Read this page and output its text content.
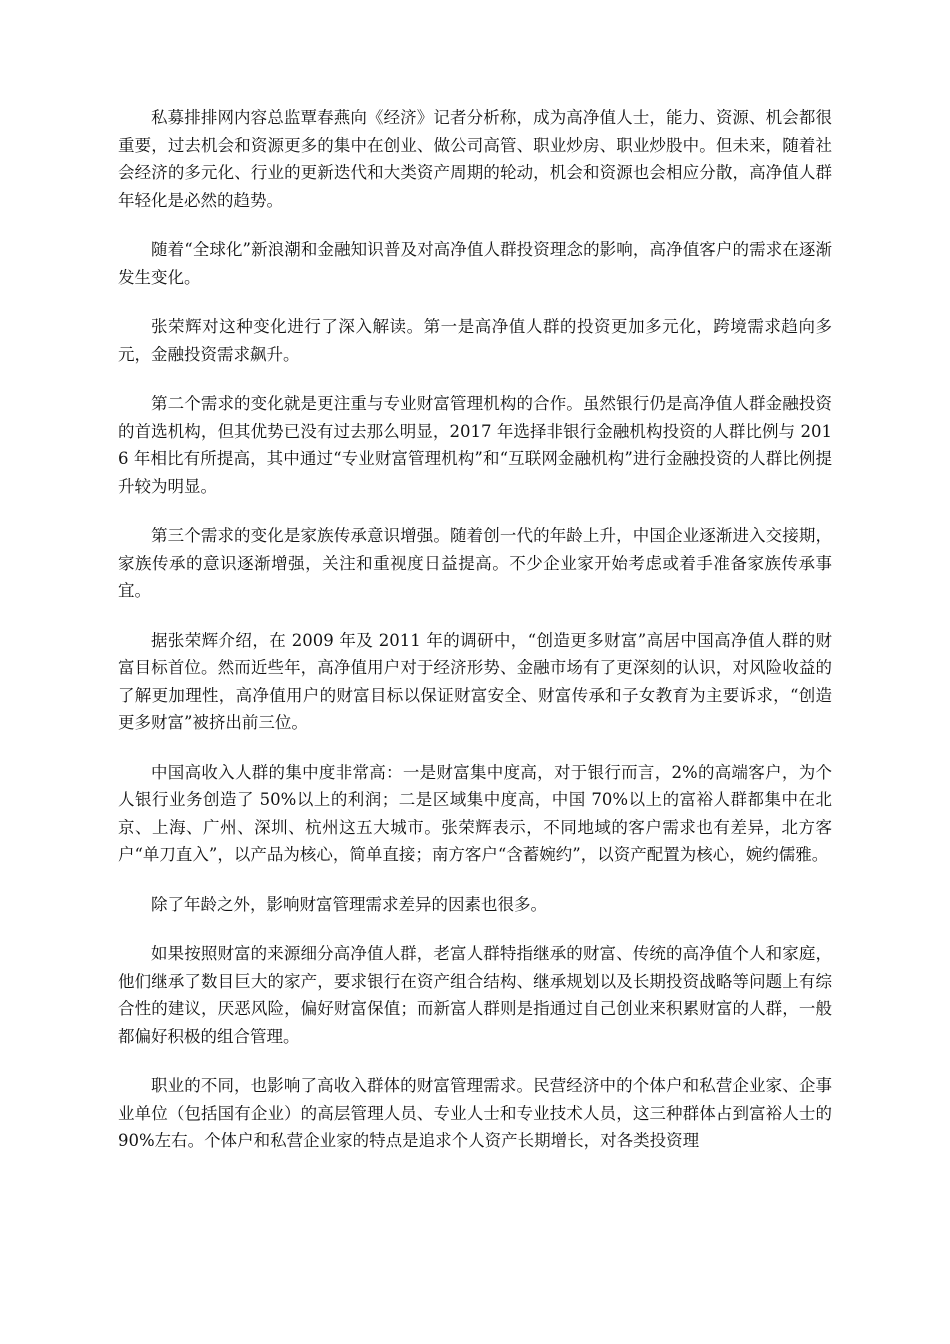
私募排排网内容总监覃春燕向《经济》记者分析称，成为高净值人士，能力、资源、机会都很重要，过去机会和资源更多的集中在创业、做公司高管、职业炒房、职业炒股中。但未来，随着社会经济的多元化、行业的更新迭代和大类资产周期的轮动，机会和资源也会相应分散，高净值人群年轻化是必然的趋势。

随着“全球化”新浪潮和金融知识普及对高净值人群投资理念的影响，高净值客户的需求在逐渐发生变化。

张荣辉对这种变化进行了深入解读。第一是高净值人群的投资更加多元化，跨境需求趋向多元，金融投资需求飙升。

第二个需求的变化就是更注重与专业财富管理机构的合作。虽然银行仍是高净值人群金融投资的首选机构，但其优势已没有过去那么明显，2017 年选择非银行金融机构投资的人群比例与 2016 年相比有所提高，其中通过“专业财富管理机构”和“互联网金融机构”进行金融投资的人群比例提升较为明显。

第三个需求的变化是家族传承意识增强。随着创一代的年龄上升，中国企业逐渐进入交接期，家族传承的意识逐渐增强，关注和重视度日益提高。不少企业家开始考虑或着手准备家族传承事宜。

据张荣辉介绍，在 2009 年及 2011 年的调研中，“创造更多财富”高居中国高净值人群的财富目标首位。然而近些年，高净值用户对于经济形势、金融市场有了更深刻的认识，对风险收益的了解更加理性，高净值用户的财富目标以保证财富安全、财富传承和子女教育为主要诉求，“创造更多财富”被挤出前三位。

中国高收入人群的集中度非常高：一是财富集中度高，对于银行而言，2%的高端客户，为个人银行业务创造了 50%以上的利润；二是区域集中度高，中国 70%以上的富裕人群都集中在北京、上海、广州、深圳、杭州这五大城市。张荣辉表示，不同地域的客户需求也有差异，北方客户“单刀直入”，以产品为核心，简单直接；南方客户“含蓄婉约”，以资产配置为核心，婉约儒雅。

除了年龄之外，影响财富管理需求差异的因素也很多。

如果按照财富的来源细分高净值人群，老富人群特指继承的财富、传统的高净值个人和家庭，他们继承了数目巨大的家产，要求银行在资产组合结构、继承规划以及长期投资战略等问题上有综合性的建议，厌恶风险，偏好财富保值；而新富人群则是指通过自己创业来积累财富的人群，一般都偏好积极的组合管理。

职业的不同，也影响了高收入群体的财富管理需求。民营经济中的个体户和私营企业家、企事业单位（包括国有企业）的高层管理人员、专业人士和专业技术人员，这三种群体占到富裕人士的 90%左右。个体户和私营企业家的特点是追求个人资产长期增长，对各类投资理
